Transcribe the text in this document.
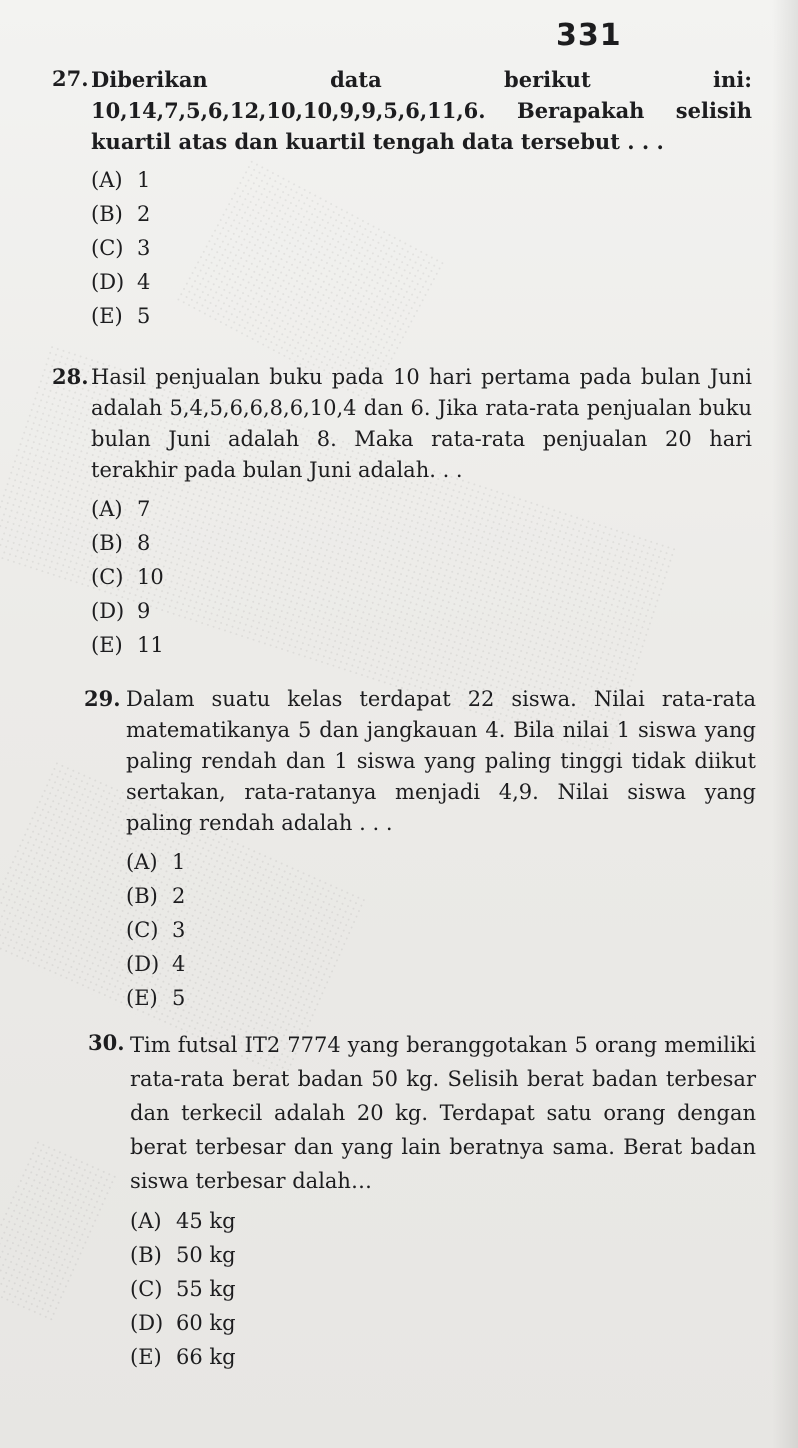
331
27. Diberikan data berikut ini: 10,14,7,5,6,12,10,10,9,9,5,6,11,6. Berapakah selisih kuartil atas dan kuartil tengah data tersebut . . .
(A) 1
(B) 2
(C) 3
(D) 4
(E) 5
28. Hasil penjualan buku pada 10 hari pertama pada bulan Juni adalah 5,4,5,6,6,8,6,10,4 dan 6. Jika rata-rata penjualan buku bulan Juni adalah 8. Maka rata-rata penjualan 20 hari terakhir pada bulan Juni adalah. . .
(A) 7
(B) 8
(C) 10
(D) 9
(E) 11
29. Dalam suatu kelas terdapat 22 siswa. Nilai rata-rata matematikanya 5 dan jangkauan 4. Bila nilai 1 siswa yang paling rendah dan 1 siswa yang paling tinggi tidak diikut sertakan, rata-ratanya menjadi 4,9. Nilai siswa yang paling rendah adalah . . .
(A) 1
(B) 2
(C) 3
(D) 4
(E) 5
30. Tim futsal IT2 7774 yang beranggotakan 5 orang memiliki rata-rata berat badan 50 kg. Selisih berat badan terbesar dan terkecil adalah 20 kg. Terdapat satu orang dengan berat terbesar dan yang lain beratnya sama. Berat badan siswa terbesar dalah…
(A) 45 kg
(B) 50 kg
(C) 55 kg
(D) 60 kg
(E) 66 kg
